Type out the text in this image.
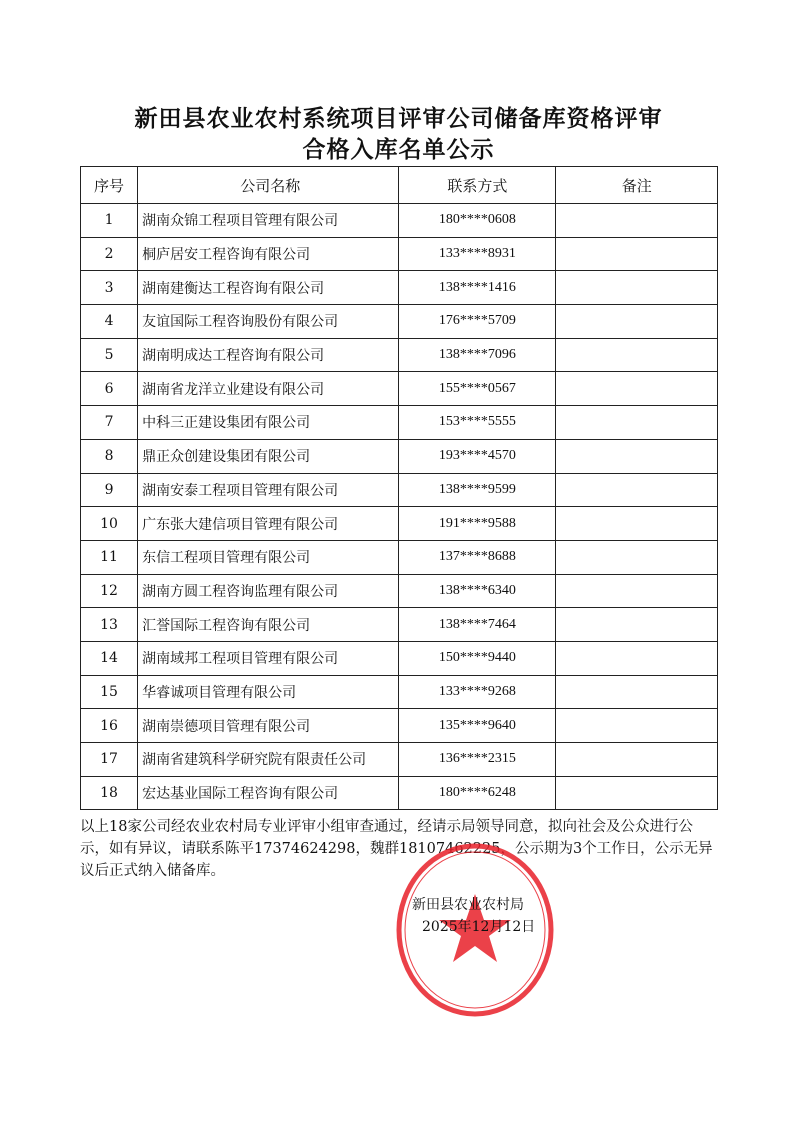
新田县农业农村系统项目评审公司储备库资格评审
合格入库名单公示
序号	公司名称	联系方式	备注
1	湖南众锦工程项目管理有限公司	180****0608	
2	桐庐居安工程咨询有限公司	133****8931	
3	湖南建衡达工程咨询有限公司	138****1416	
4	友谊国际工程咨询股份有限公司	176****5709	
5	湖南明成达工程咨询有限公司	138****7096	
6	湖南省龙洋立业建设有限公司	155****0567	
7	中科三正建设集团有限公司	153****5555	
8	鼎正众创建设集团有限公司	193****4570	
9	湖南安泰工程项目管理有限公司	138****9599	
10	广东张大建信项目管理有限公司	191****9588	
11	东信工程项目管理有限公司	137****8688	
12	湖南方圆工程咨询监理有限公司	138****6340	
13	汇誉国际工程咨询有限公司	138****7464	
14	湖南域邦工程项目管理有限公司	150****9440	
15	华睿诚项目管理有限公司	133****9268	
16	湖南崇德项目管理有限公司	135****9640	
17	湖南省建筑科学研究院有限责任公司	136****2315	
18	宏达基业国际工程咨询有限公司	180****6248	
以上18家公司经农业农村局专业评审小组审查通过，经请示局领导同意，拟向社会及公众进行公示，如有异议，请联系陈平17374624298，魏群18107462225，公示期为3个工作日，公示无异议后正式纳入储备库。
新田县农业农村局
2025年12月12日
